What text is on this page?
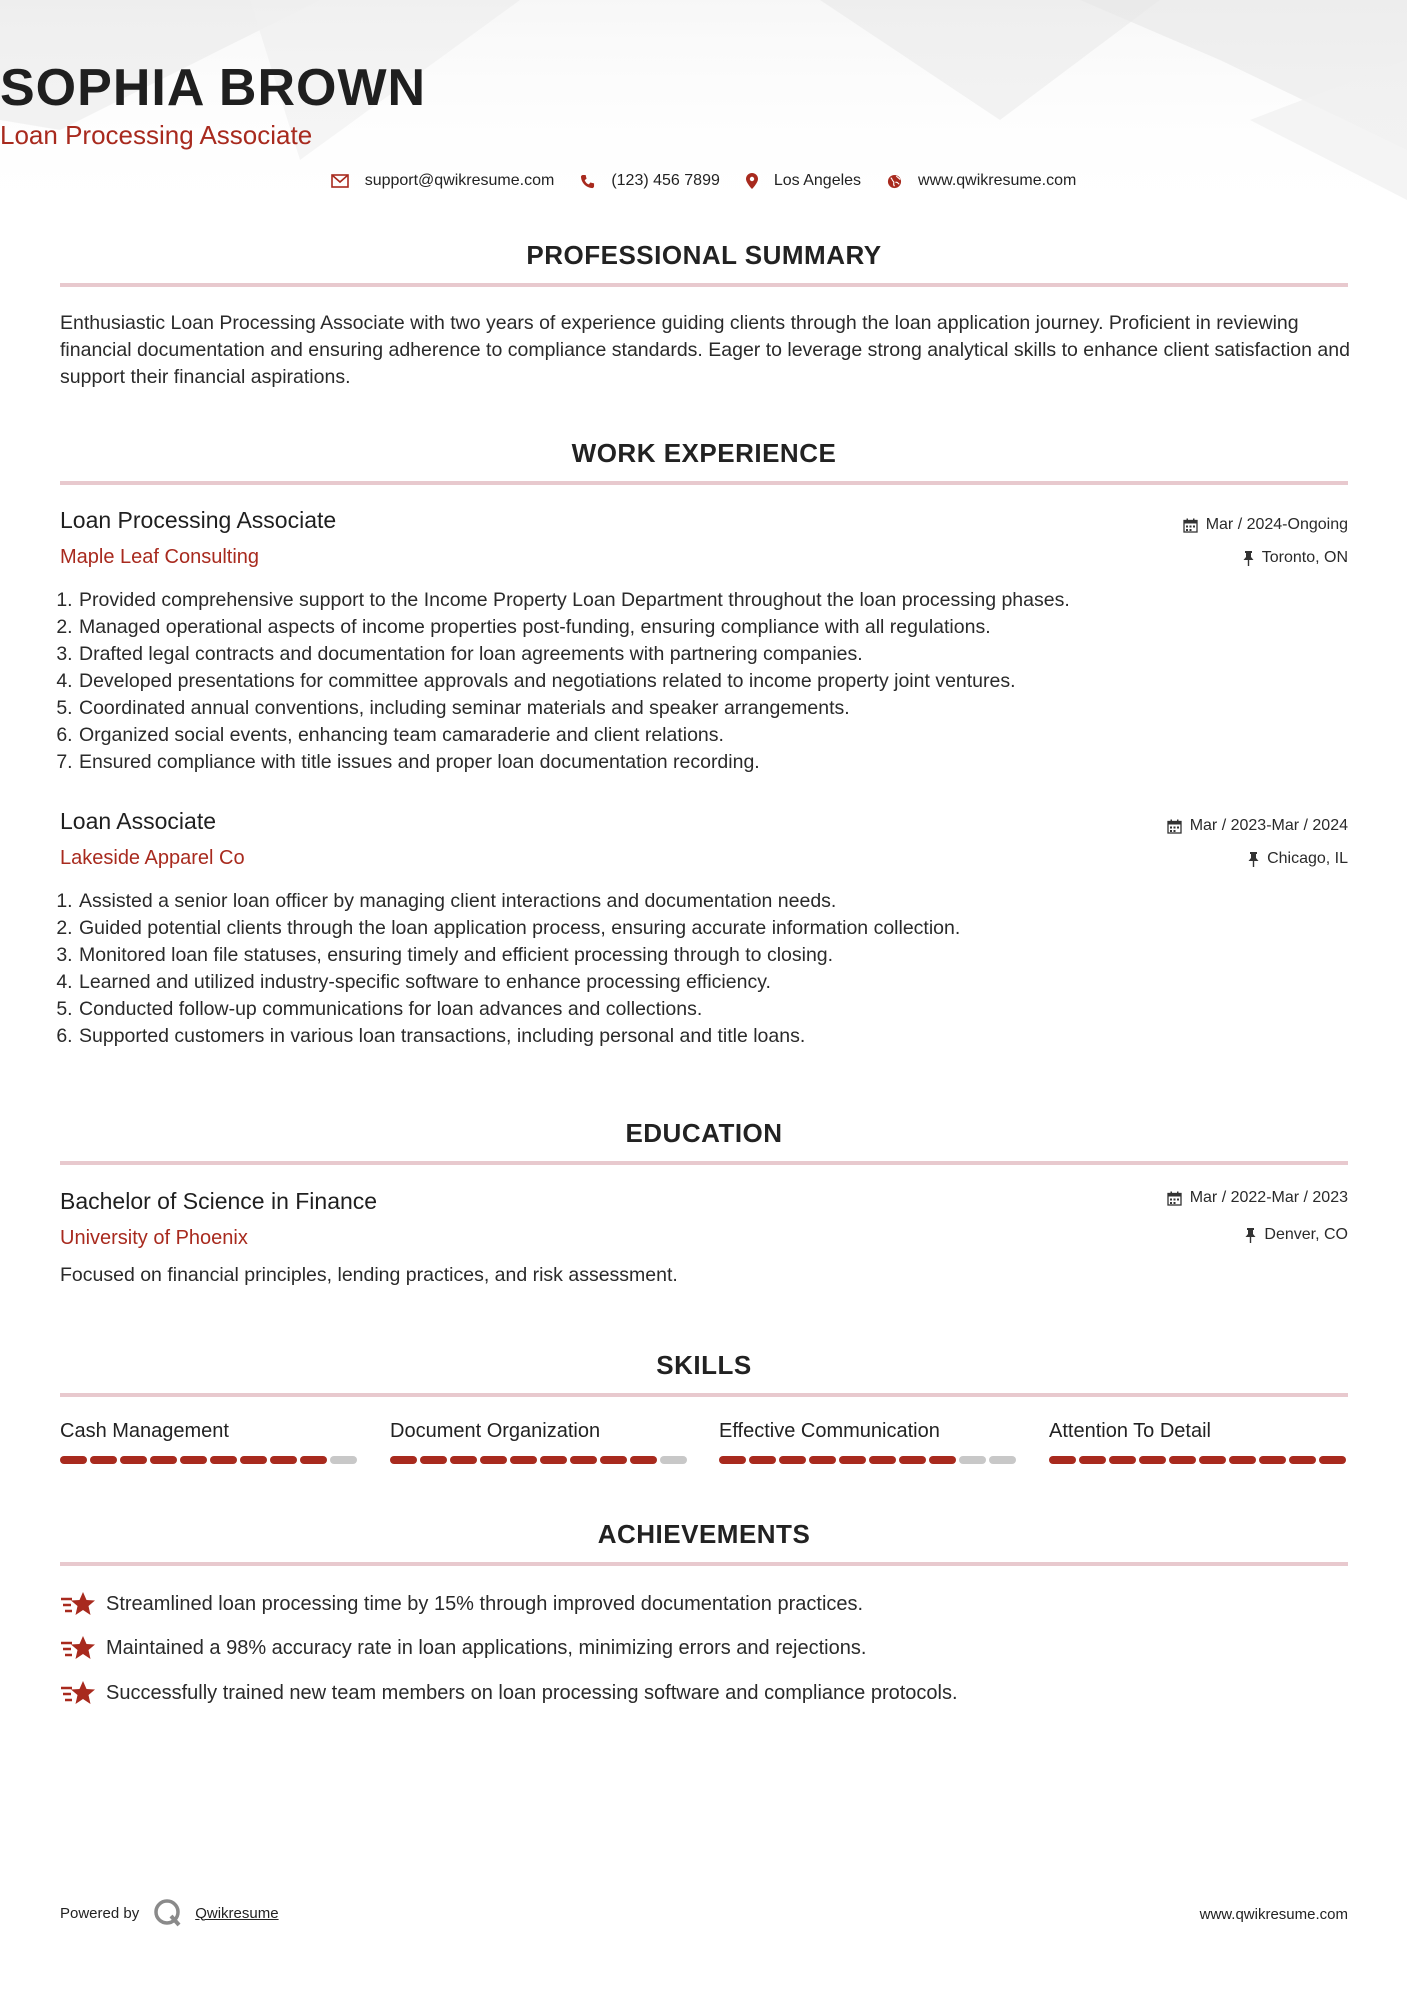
SOPHIA BROWN
Loan Processing Associate
support@qwikresume.com	(123) 456 7899	Los Angeles	www.qwikresume.com
PROFESSIONAL SUMMARY
Enthusiastic Loan Processing Associate with two years of experience guiding clients through the loan application journey. Proficient in reviewing financial documentation and ensuring adherence to compliance standards. Eager to leverage strong analytical skills to enhance client satisfaction and support their financial aspirations.
WORK EXPERIENCE
Loan Processing Associate
Maple Leaf Consulting
Mar / 2024-Ongoing
Toronto, ON
1. Provided comprehensive support to the Income Property Loan Department throughout the loan processing phases.
2. Managed operational aspects of income properties post-funding, ensuring compliance with all regulations.
3. Drafted legal contracts and documentation for loan agreements with partnering companies.
4. Developed presentations for committee approvals and negotiations related to income property joint ventures.
5. Coordinated annual conventions, including seminar materials and speaker arrangements.
6. Organized social events, enhancing team camaraderie and client relations.
7. Ensured compliance with title issues and proper loan documentation recording.
Loan Associate
Lakeside Apparel Co
Mar / 2023-Mar / 2024
Chicago, IL
1. Assisted a senior loan officer by managing client interactions and documentation needs.
2. Guided potential clients through the loan application process, ensuring accurate information collection.
3. Monitored loan file statuses, ensuring timely and efficient processing through to closing.
4. Learned and utilized industry-specific software to enhance processing efficiency.
5. Conducted follow-up communications for loan advances and collections.
6. Supported customers in various loan transactions, including personal and title loans.
EDUCATION
Bachelor of Science in Finance
University of Phoenix
Mar / 2022-Mar / 2023
Denver, CO
Focused on financial principles, lending practices, and risk assessment.
SKILLS
Cash Management	Document Organization	Effective Communication	Attention To Detail
ACHIEVEMENTS
Streamlined loan processing time by 15% through improved documentation practices.
Maintained a 98% accuracy rate in loan applications, minimizing errors and rejections.
Successfully trained new team members on loan processing software and compliance protocols.
Powered by	Qwikresume	www.qwikresume.com
